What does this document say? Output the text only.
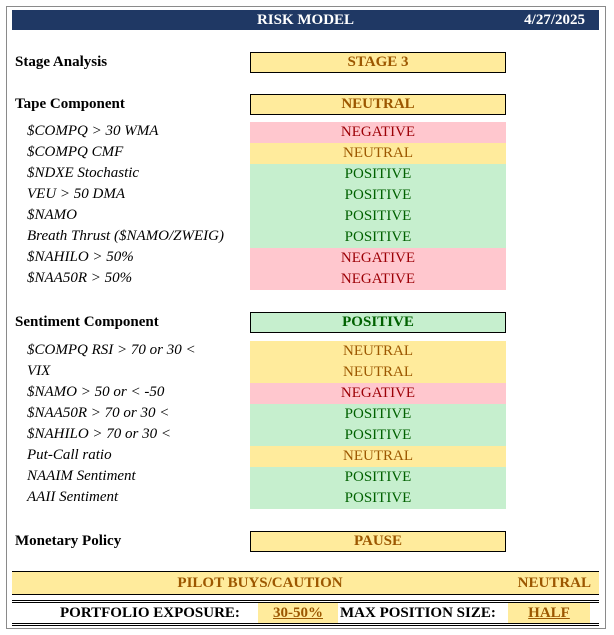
RISK MODEL	4/27/2025
Stage Analysis	STAGE 3
Tape Component	NEUTRAL
$COMPQ > 30 WMA	NEGATIVE
$COMPQ CMF	NEUTRAL
$NDXE Stochastic	POSITIVE
VEU > 50 DMA	POSITIVE
$NAMO	POSITIVE
Breath Thrust ($NAMO/ZWEIG)	POSITIVE
$NAHILO > 50%	NEGATIVE
$NAA50R > 50%	NEGATIVE
Sentiment Component	POSITIVE
$COMPQ RSI > 70 or 30 <	NEUTRAL
VIX	NEUTRAL
$NAMO > 50 or < -50	NEGATIVE
$NAA50R > 70 or 30 <	POSITIVE
$NAHILO > 70 or 30 <	POSITIVE
Put-Call ratio	NEUTRAL
NAAIM Sentiment	POSITIVE
AAII Sentiment	POSITIVE
Monetary Policy	PAUSE
PILOT BUYS/CAUTION	NEUTRAL
PORTFOLIO EXPOSURE:	30-50%	MAX POSITION SIZE:	HALF
